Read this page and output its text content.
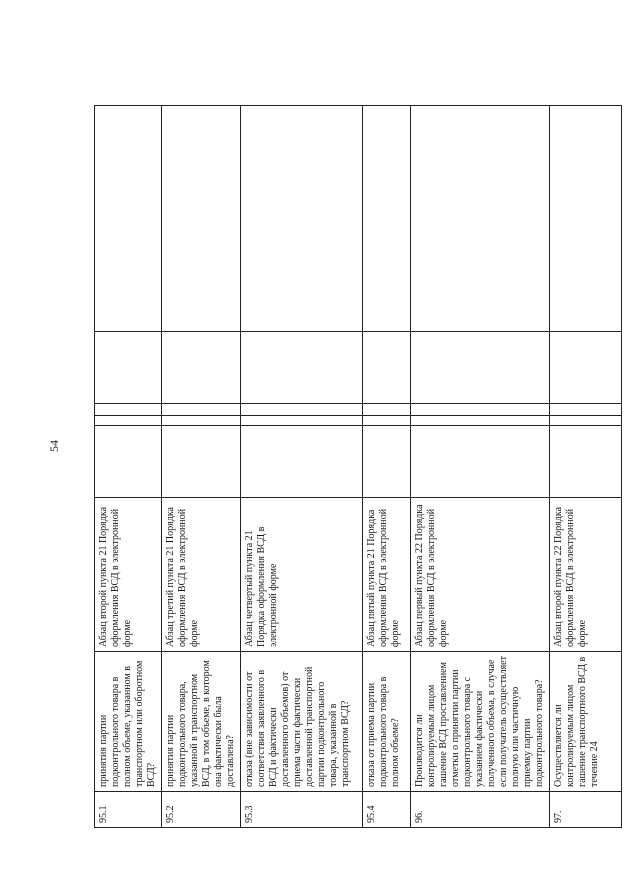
54
95.1	принятия партии подконтрольного товара в полном объеме, указанном в транспортном или оборотном ВСД?	Абзац второй пункта 21 Порядка оформления ВСД в электронной форме					
95.2	принятия партии подконтрольного товара, указанной в транспортном ВСД, в том объеме, в котором она фактически была доставлена?	Абзац третий пункта 21 Порядка оформления ВСД в электронной форме					
95.3	отказа (вне зависимости от соответствия заявленного в ВСД и фактически доставленного объемов) от приема части фактически доставленной транспортной партии подконтрольного товара, указанной в транспортном ВСД?	Абзац четвертый пункта 21 Порядка оформления ВСД в электронной форме					
95.4	отказа от приема партии подконтрольного товара в полном объеме?	Абзац пятый пункта 21 Порядка оформления ВСД в электронной форме					
96.	Производится ли контролируемым лицом гашение ВСД проставлением отметки о принятии партии подконтрольного товара с указанием фактически полученного объема, в случае если получатель осуществляет полную или частичную приемку партии подконтрольного товара?	Абзац первый пункта 22 Порядка оформления ВСД в электронной форме					
97.	Осуществляется ли контролируемым лицом гашение транспортного ВСД в течение 24	Абзац второй пункта 22 Порядка оформления ВСД в электронной форме					
